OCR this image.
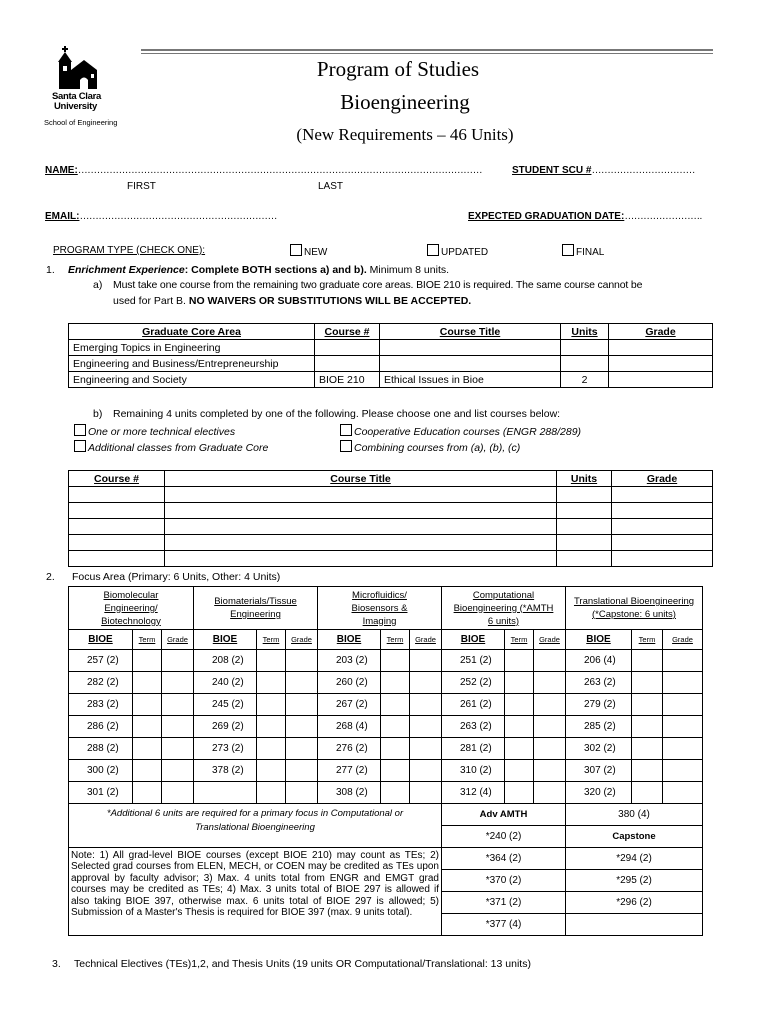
Santa Clara
University
School of Engineering
Program of Studies
Bioengineering
(New Requirements – 46 Units)
NAME:…………………………………………………………………………………………………………………	STUDENT SCU #……………………………
FIRST	LAST
EMAIL:………………………………………………………	EXPECTED GRADUATION DATE:…………………….
PROGRAM TYPE (CHECK ONE):	NEW	UPDATED	FINAL
1. Enrichment Experience: Complete BOTH sections a) and b). Minimum 8 units.
a) Must take one course from the remaining two graduate core areas. BIOE 210 is required. The same course cannot be
used for Part B. NO WAIVERS OR SUBSTITUTIONS WILL BE ACCEPTED.
Graduate Core Area	Course #	Course Title	Units	Grade
Emerging Topics in Engineering				
Engineering and Business/Entrepreneurship				
Engineering and Society	BIOE 210	Ethical Issues in Bioe	2	
b) Remaining 4 units completed by one of the following. Please choose one and list courses below:
One or more technical electives	Cooperative Education courses (ENGR 288/289)
Additional classes from Graduate Core	Combining courses from (a), (b), (c)
Course #	Course Title	Units	Grade

2. Focus Area (Primary: 6 Units, Other: 4 Units)
Biomolecular Engineering/ Biotechnology			Biomaterials/Tissue Engineering			Microfluidics/ Biosensors & Imaging			Computational Bioengineering (*AMTH 6 units)			Translational Bioengineering (*Capstone: 6 units)		
BIOE	Term	Grade	BIOE	Term	Grade	BIOE	Term	Grade	BIOE	Term	Grade	BIOE	Term	Grade
257 (2)			208 (2)			203 (2)			251 (2)			206 (4)		
282 (2)			240 (2)			260 (2)			252 (2)			263 (2)		
283 (2)			245 (2)			267 (2)			261 (2)			279 (2)		
286 (2)			269 (2)			268 (4)			263 (2)			285 (2)		
288 (2)			273 (2)			276 (2)			281 (2)			302 (2)		
300 (2)			378 (2)			277 (2)			310 (2)			307 (2)		
301 (2)						308 (2)			312 (4)			320 (2)		
*Additional 6 units are required for a primary focus in Computational or Translational Bioengineering									Adv AMTH			380 (4)		
									*240 (2)			Capstone		
Note: 1) All grad-level BIOE courses (except BIOE 210) may count as TEs; 2) Selected grad courses from ELEN, MECH, or COEN may be credited as TEs upon approval by faculty advisor; 3) Max. 4 units total from ENGR and EMGT grad courses may be credited as TEs; 4) Max. 3 units total of BIOE 297 is allowed if also taking BIOE 397, otherwise max. 6 units total of BIOE 297 is allowed; 5) Submission of a Master's Thesis is required for BIOE 397 (max. 9 units total).									*364 (2)			*294 (2)		
									*370 (2)			*295 (2)		
									*371 (2)			*296 (2)		
									*377 (4)					
3. Technical Electives (TEs)1,2, and Thesis Units (19 units OR Computational/Translational: 13 units)
